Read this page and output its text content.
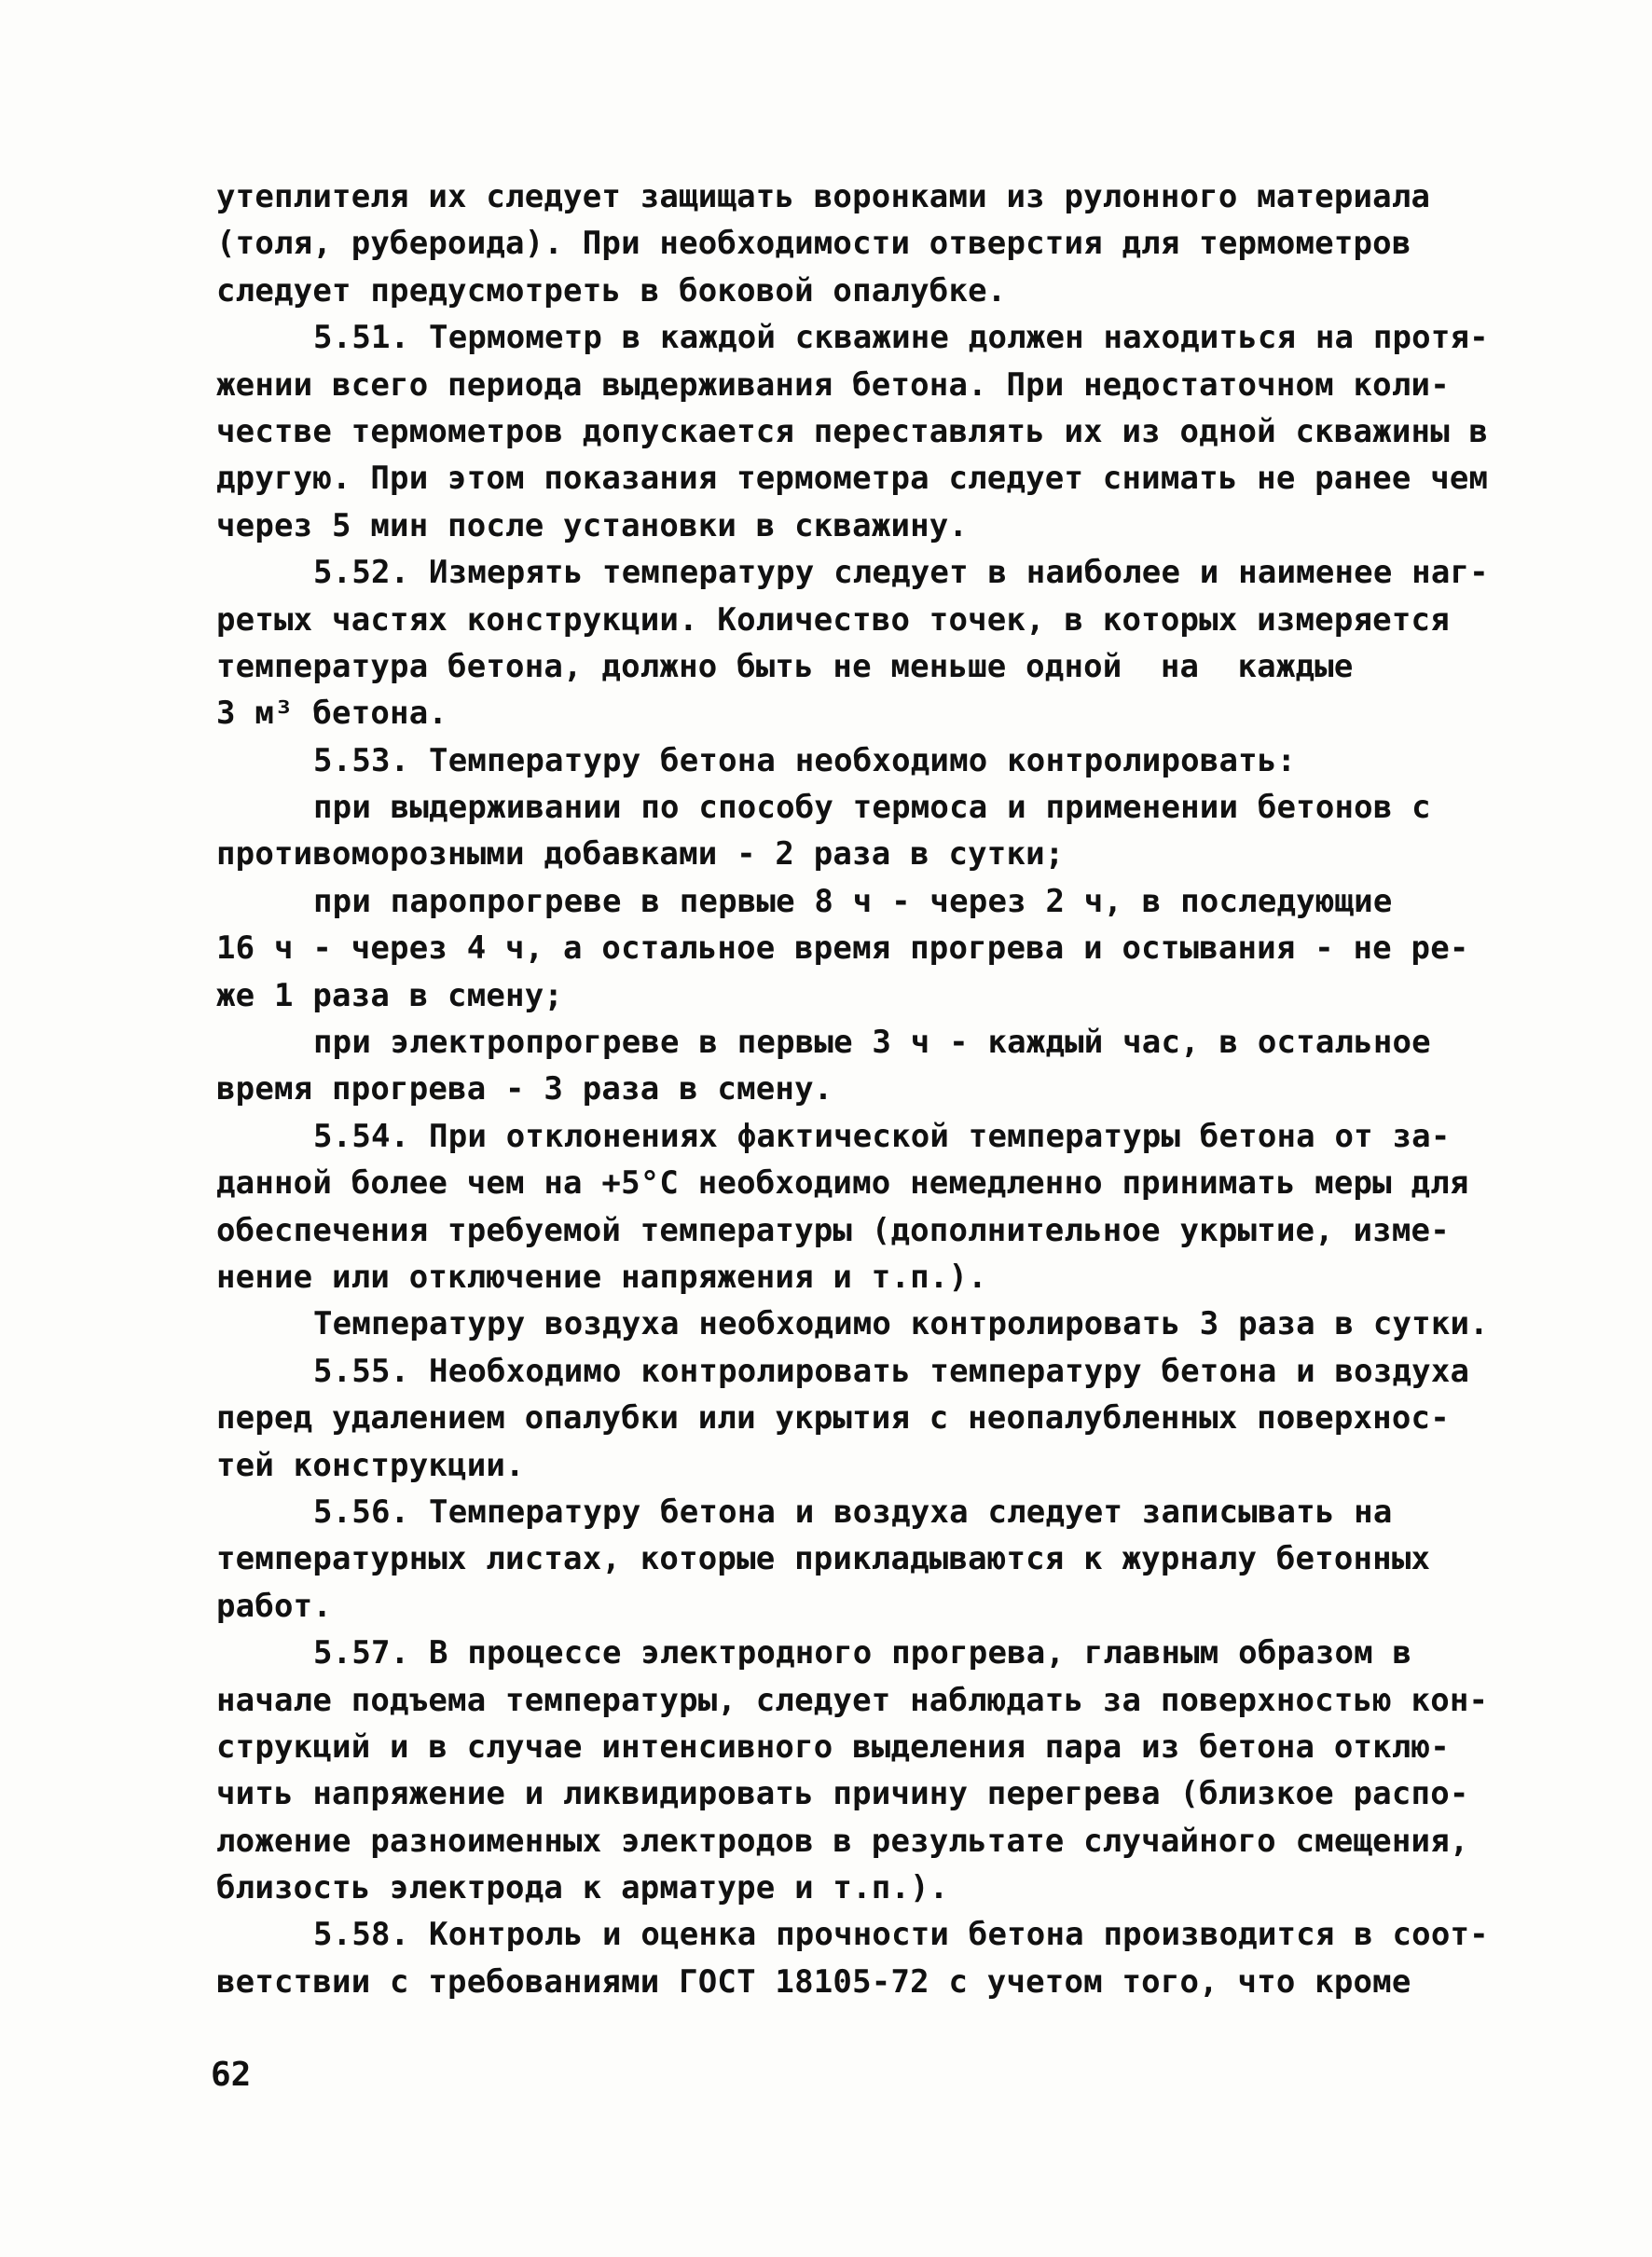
утеплителя их следует защищать воронками из рулонного материала
(толя, рубероида). При необходимости отверстия для термометров
следует предусмотреть в боковой опалубке.
5.51. Термометр в каждой скважине должен находиться на протя-
жении всего периода выдерживания бетона. При недостаточном коли-
честве термометров допускается переставлять их из одной скважины в
другую. При этом показания термометра следует снимать не ранее чем
через 5 мин после установки в скважину.
5.52. Измерять температуру следует в наиболее и наименее наг-
ретых частях конструкции. Количество точек, в которых измеряется
температура бетона, должно быть не меньше одной  на  каждые
3 м³ бетона.
5.53. Температуру бетона необходимо контролировать:
при выдерживании по способу термоса и применении бетонов с
противоморозными добавками - 2 раза в сутки;
при паропрогреве в первые 8 ч - через 2 ч, в последующие
16 ч - через 4 ч, а остальное время прогрева и остывания - не ре-
же 1 раза в смену;
при электропрогреве в первые 3 ч - каждый час, в остальное
время прогрева - 3 раза в смену.
5.54. При отклонениях фактической температуры бетона от за-
данной более чем на +5°С необходимо немедленно принимать меры для
обеспечения требуемой температуры (дополнительное укрытие, изме-
нение или отключение напряжения и т.п.).
Температуру воздуха необходимо контролировать 3 раза в сутки.
5.55. Необходимо контролировать температуру бетона и воздуха
перед удалением опалубки или укрытия с неопалубленных поверхнос-
тей конструкции.
5.56. Температуру бетона и воздуха следует записывать на
температурных листах, которые прикладываются к журналу бетонных
работ.
5.57. В процессе электродного прогрева, главным образом в
начале подъема температуры, следует наблюдать за поверхностью кон-
струкций и в случае интенсивного выделения пара из бетона отклю-
чить напряжение и ликвидировать причину перегрева (близкое распо-
ложение разноименных электродов в результате случайного смещения,
близость электрода к арматуре и т.п.).
5.58. Контроль и оценка прочности бетона производится в соот-
ветствии с требованиями ГОСТ 18105-72 с учетом того, что кроме
62
